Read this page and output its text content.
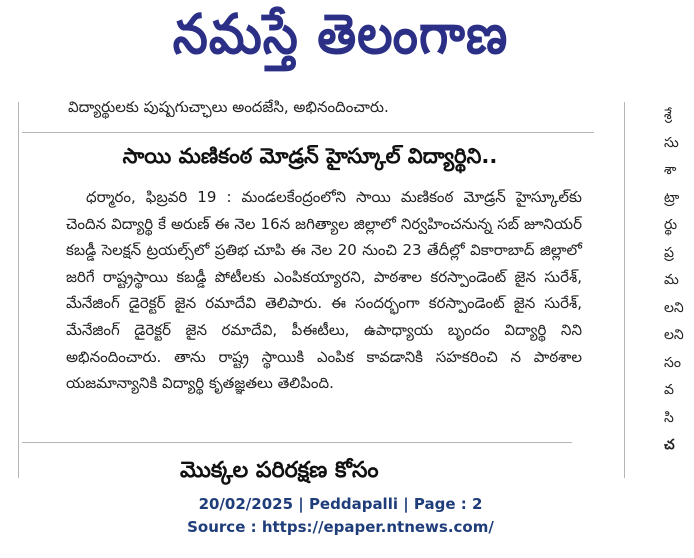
నమస్తే తెలంగాణ
విద్యార్థులకు పుష్పగుచ్ఛాలు అందజేసి, అభినందించారు.
సాయి మణికంఠ మోడ్రన్ హైస్కూల్ విద్యార్థిని..
ధర్మారం, ఫిబ్రవరి 19 : మండలకేంద్రంలోని సాయి మణికంఠ మోడ్రన్ హైస్కూల్‌కు చెందిన విద్యార్థి కే అరుణ్ ఈ నెల 16న జగిత్యాల జిల్లాలో నిర్వహించనున్న సబ్ జూనియర్ కబడ్డీ సెలక్షన్ ట్రయల్స్‌లో ప్రతిభ చూపి ఈ నెల 20 నుంచి 23 తేదీల్లో వికారాబాద్ జిల్లాలో జరిగే రాష్ట్రస్థాయి కబడ్డీ పోటీలకు ఎంపికయ్యారని, పాఠశాల కరస్పాండెంట్ జైన సురేశ్, మేనేజింగ్ డైరెక్టర్ జైన రమాదేవి తెలిపారు. ఈ సందర్భంగా కరస్పాండెంట్ జైన సురేశ్, మేనేజింగ్ డైరెక్టర్ జైన రమాదేవి, పీఈటీలు, ఉపాధ్యాయ బృందం విద్యార్థి నిని అభినందించారు. తాను రాష్ట్ర స్థాయికి ఎంపిక కావడానికి సహకరించి న పాఠశాల యజమాన్యానికి విద్యార్థి కృతజ్ఞతలు తెలిపింది.
మొక్కల పరిరక్షణ కోసం
శ్రే
సు
శా
ట్రా
ర్థు
ప్ర
మ
లని
లని
సం
వ
సి
చ
20/02/2025 | Peddapalli | Page : 2
Source : https://epaper.ntnews.com/
